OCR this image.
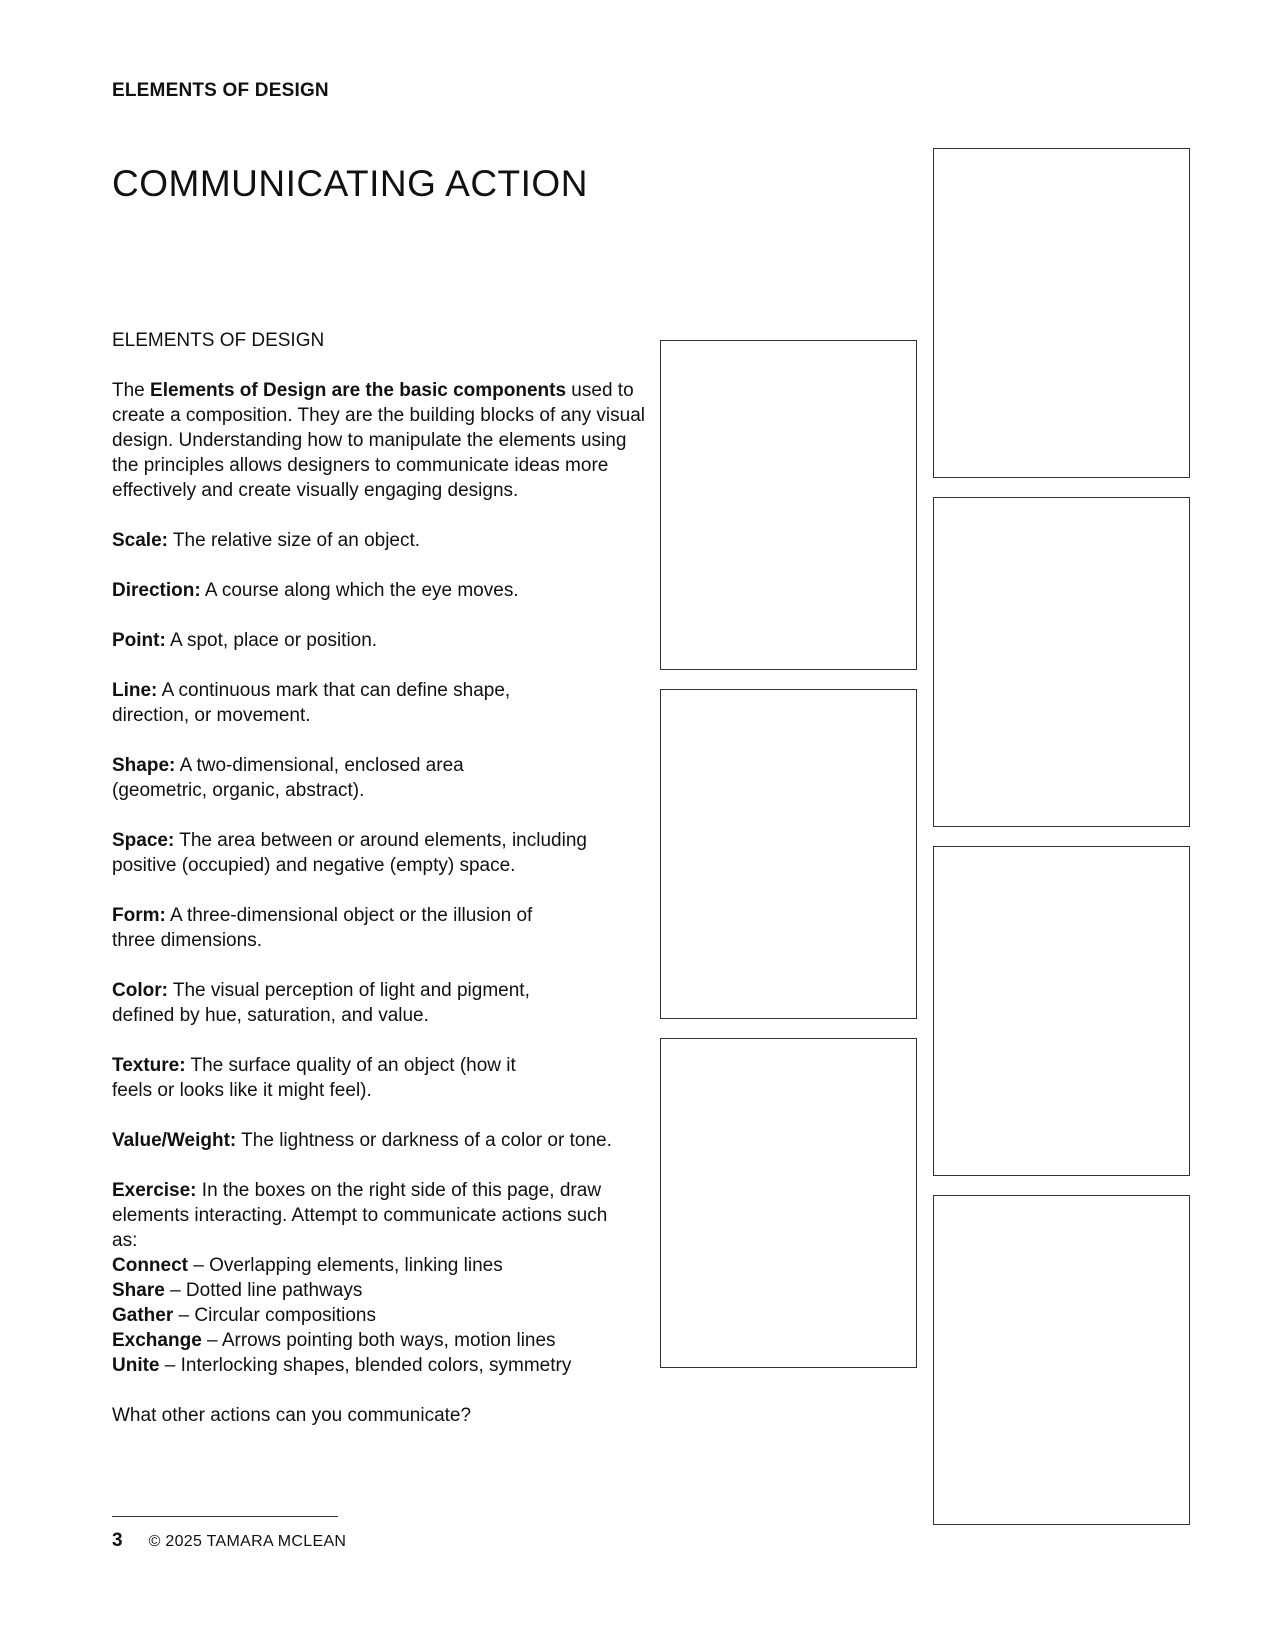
ELEMENTS OF DESIGN
COMMUNICATING ACTION
ELEMENTS OF DESIGN

The Elements of Design are the basic components used to create a composition. They are the building blocks of any visual design. Understanding how to manipulate the elements using the principles allows designers to communicate ideas more effectively and create visually engaging designs.

Scale: The relative size of an object.

Direction: A course along which the eye moves.

Point: A spot, place or position.

Line: A continuous mark that can define shape, direction, or movement.

Shape: A two-dimensional, enclosed area (geometric, organic, abstract).

Space: The area between or around elements, including positive (occupied) and negative (empty) space.

Form: A three-dimensional object or the illusion of three dimensions.

Color: The visual perception of light and pigment, defined by hue, saturation, and value.

Texture: The surface quality of an object (how it feels or looks like it might feel).

Value/Weight: The lightness or darkness of a color or tone.

Exercise: In the boxes on the right side of this page, draw elements interacting. Attempt to communicate actions such as:

Connect – Overlapping elements, linking lines

Share – Dotted line pathways

Gather – Circular compositions

Exchange – Arrows pointing both ways, motion lines

Unite – Interlocking shapes, blended colors, symmetry

What other actions can you communicate?

3 © 2025 TAMARA MCLEAN
